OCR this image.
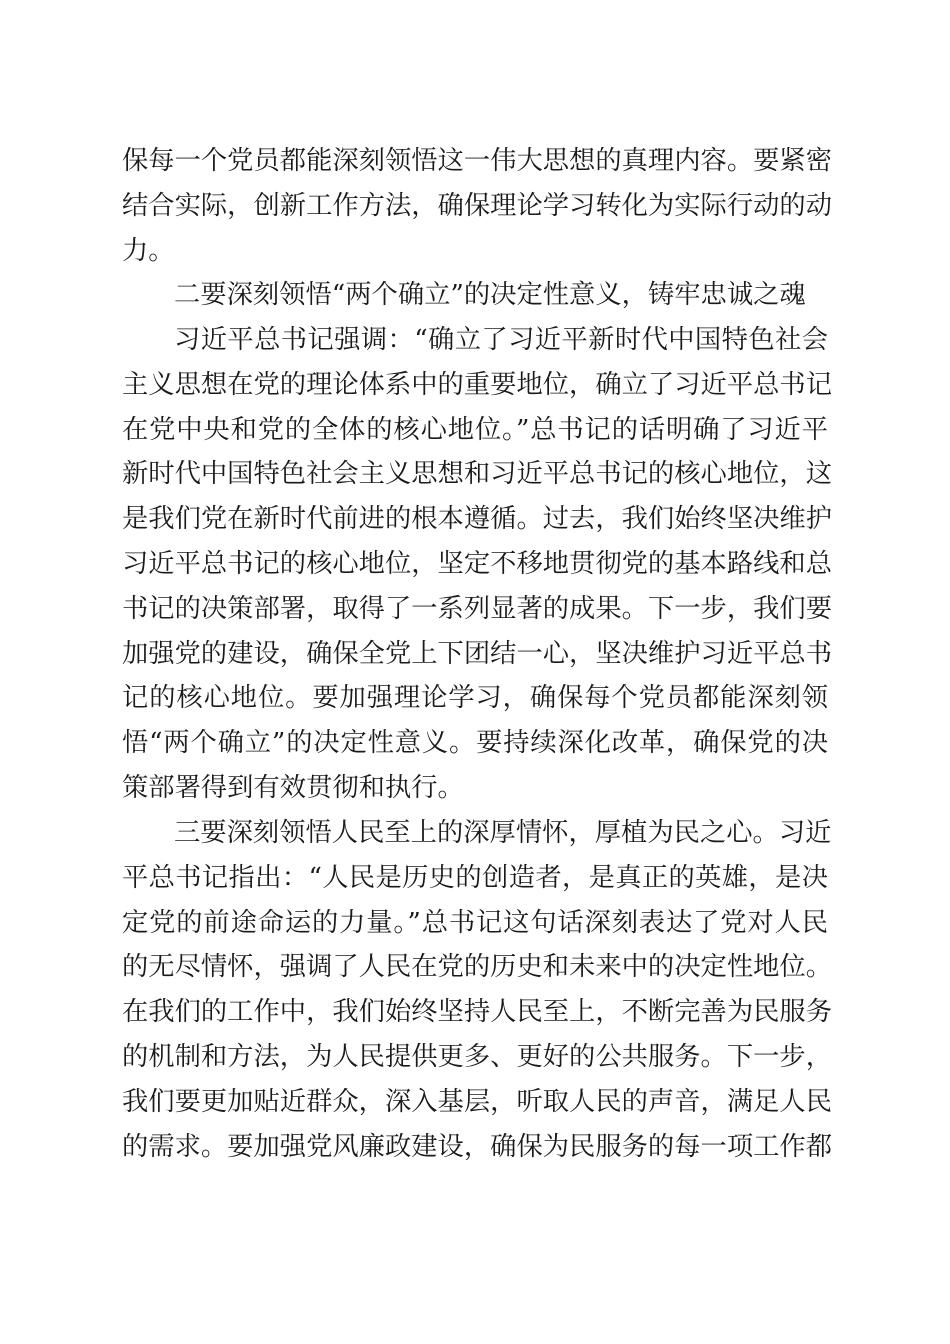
保每一个党员都能深刻领悟这一伟大思想的真理内容。要紧密
结合实际，创新工作方法，确保理论学习转化为实际行动的动
力。
二要深刻领悟“两个确立”的决定性意义，铸牢忠诚之魂
习近平总书记强调：“确立了习近平新时代中国特色社会
主义思想在党的理论体系中的重要地位，确立了习近平总书记
在党中央和党的全体的核心地位。”总书记的话明确了习近平
新时代中国特色社会主义思想和习近平总书记的核心地位，这
是我们党在新时代前进的根本遵循。过去，我们始终坚决维护
习近平总书记的核心地位，坚定不移地贯彻党的基本路线和总
书记的决策部署，取得了一系列显著的成果。下一步，我们要
加强党的建设，确保全党上下团结一心，坚决维护习近平总书
记的核心地位。要加强理论学习，确保每个党员都能深刻领
悟“两个确立”的决定性意义。要持续深化改革，确保党的决
策部署得到有效贯彻和执行。
三要深刻领悟人民至上的深厚情怀，厚植为民之心。习近
平总书记指出：“人民是历史的创造者，是真正的英雄，是决
定党的前途命运的力量。”总书记这句话深刻表达了党对人民
的无尽情怀，强调了人民在党的历史和未来中的决定性地位。
在我们的工作中，我们始终坚持人民至上，不断完善为民服务
的机制和方法，为人民提供更多、更好的公共服务。下一步，
我们要更加贴近群众，深入基层，听取人民的声音，满足人民
的需求。要加强党风廉政建设，确保为民服务的每一项工作都
